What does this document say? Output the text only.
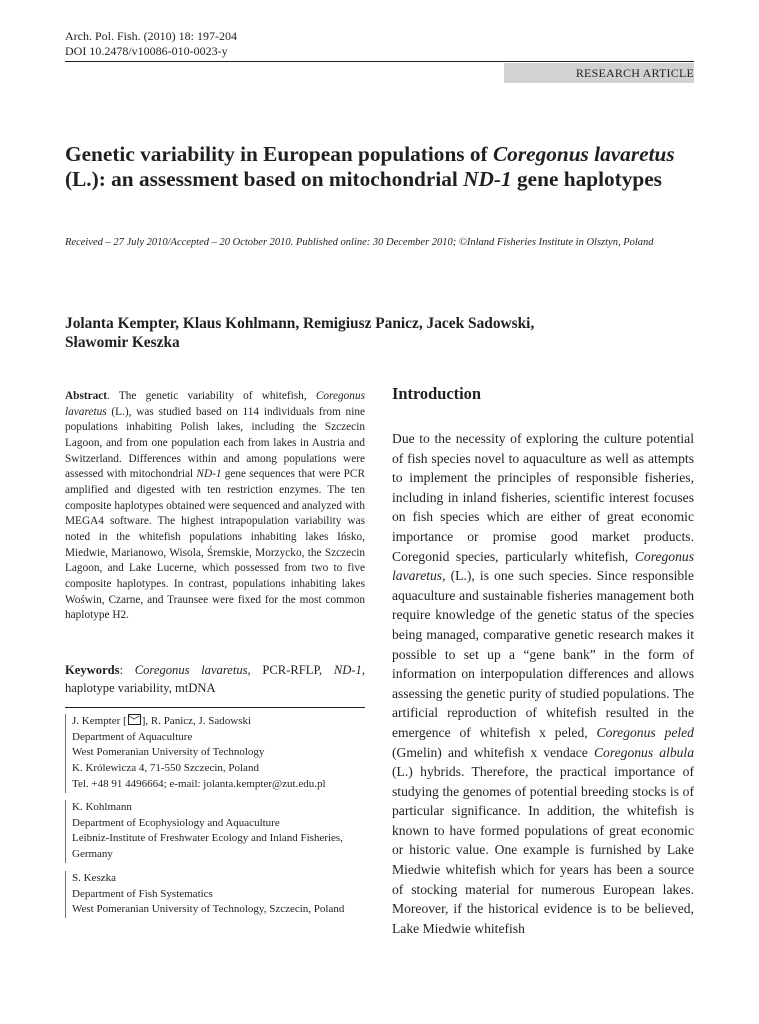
Arch. Pol. Fish. (2010) 18: 197-204
DOI 10.2478/v10086-010-0023-y
RESEARCH ARTICLE
Genetic variability in European populations of Coregonus lavaretus (L.): an assessment based on mitochondrial ND-1 gene haplotypes
Received – 27 July 2010/Accepted – 20 October 2010. Published online: 30 December 2010; ©Inland Fisheries Institute in Olsztyn, Poland
Jolanta Kempter, Klaus Kohlmann, Remigiusz Panicz, Jacek Sadowski,
Sławomir Keszka

Abstract. The genetic variability of whitefish, Coregonus lavaretus (L.), was studied based on 114 individuals from nine populations inhabiting Polish lakes, including the Szczecin Lagoon, and from one population each from lakes in Austria and Switzerland. Differences within and among populations were assessed with mitochondrial ND-1 gene sequences that were PCR amplified and digested with ten restriction enzymes. The ten composite haplotypes obtained were sequenced and analyzed with MEGA4 software. The highest intrapopulation variability was noted in the whitefish populations inhabiting lakes Ińsko, Miedwie, Marianowo, Wisola, Śremskie, Morzycko, the Szczecin Lagoon, and Lake Lucerne, which possessed from two to five composite haplotypes. In contrast, populations inhabiting lakes Woświn, Czarne, and Traunsee were fixed for the most common haplotype H2.

Keywords: Coregonus lavaretus, PCR-RFLP, ND-1, haplotype variability, mtDNA
J. Kempter [ ], R. Panicz, J. Sadowski
Department of Aquaculture
West Pomeranian University of Technology
K. Królewicza 4, 71-550 Szczecin, Poland
Tel. +48 91 4496664; e-mail: jolanta.kempter@zut.edu.pl
K. Kohlmann
Department of Ecophysiology and Aquaculture
Leibniz-Institute of Freshwater Ecology and Inland Fisheries,
Germany
S. Keszka
Department of Fish Systematics
West Pomeranian University of Technology, Szczecin, Poland
Introduction

Due to the necessity of exploring the culture potential of fish species novel to aquaculture as well as attempts to implement the principles of responsible fisheries, including in inland fisheries, scientific interest focuses on fish species which are either of great economic importance or promise good market products. Coregonid species, particularly whitefish, Coregonus lavaretus, (L.), is one such species. Since responsible aquaculture and sustainable fisheries management both require knowledge of the genetic status of the species being managed, comparative genetic research makes it possible to set up a “gene bank” in the form of information on interpopulation differences and allows assessing the genetic purity of studied populations. The artificial reproduction of whitefish resulted in the emergence of whitefish x peled, Coregonus peled (Gmelin) and whitefish x vendace Coregonus albula (L.) hybrids. Therefore, the practical importance of studying the genomes of potential breeding stocks is of particular significance. In addition, the whitefish is known to have formed populations of great economic or historic value. One example is furnished by Lake Miedwie whitefish which for years has been a source of stocking material for numerous European lakes. Moreover, if the historical evidence is to be believed, Lake Miedwie whitefish
